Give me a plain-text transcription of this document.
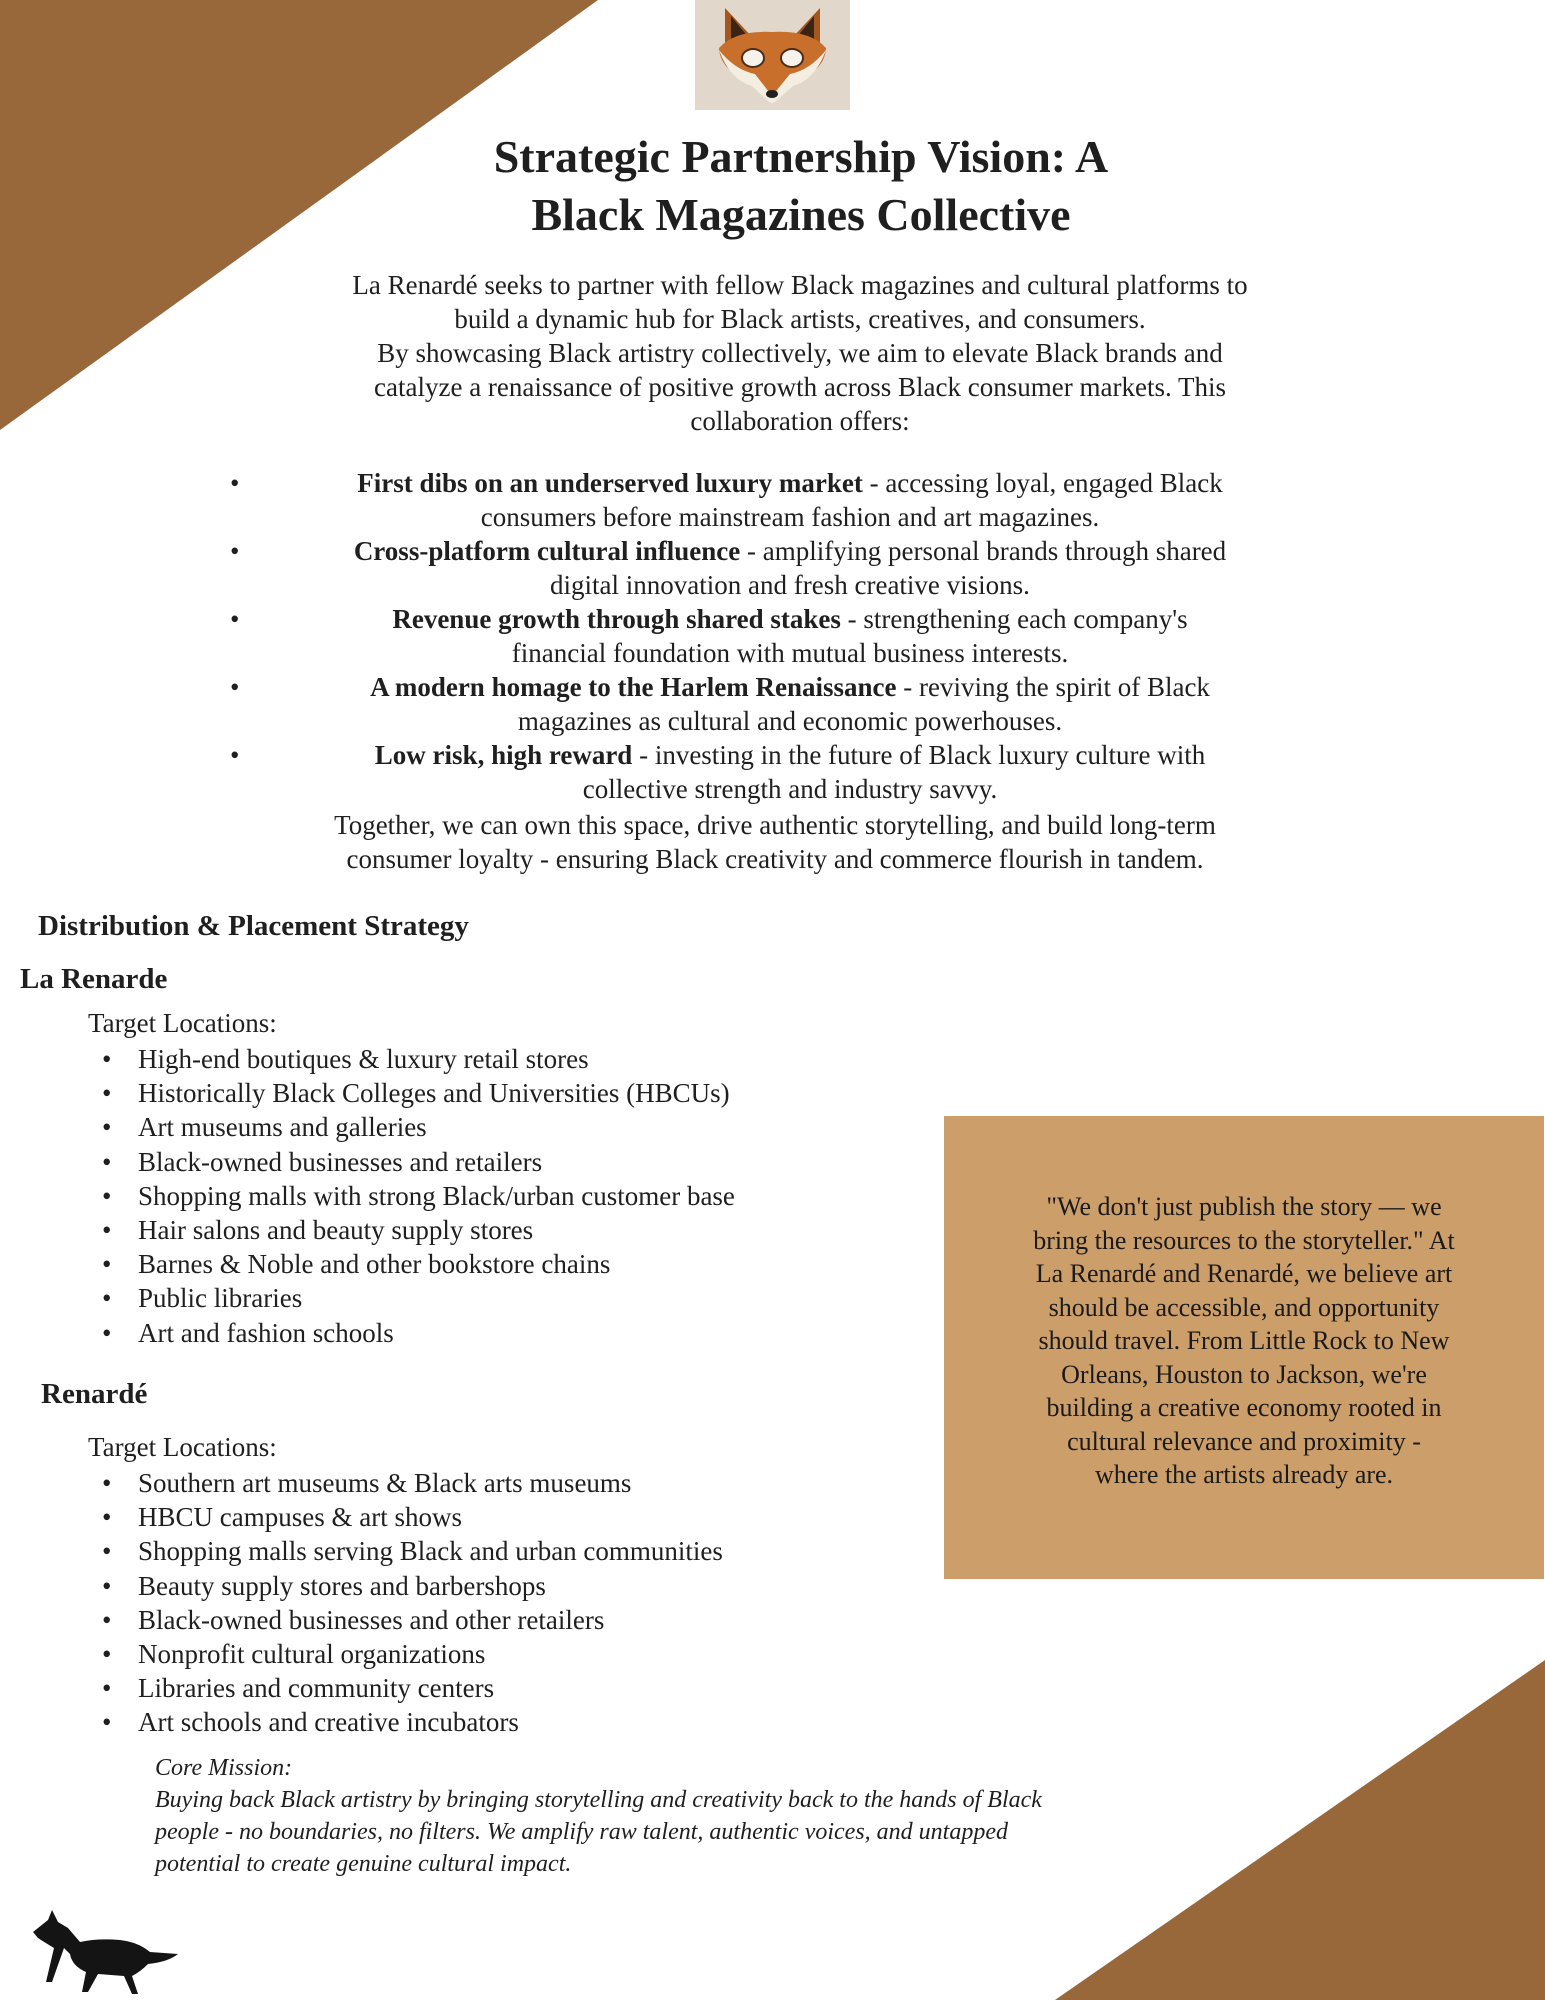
Strategic Partnership Vision: A
Black Magazines Collective

La Renardé seeks to partner with fellow Black magazines and cultural platforms to
build a dynamic hub for Black artists, creatives, and consumers.
By showcasing Black artistry collectively, we aim to elevate Black brands and
catalyze a renaissance of positive growth across Black consumer markets. This
collaboration offers:

•	First dibs on an underserved luxury market - accessing loyal, engaged Black
consumers before mainstream fashion and art magazines.
•	Cross-platform cultural influence - amplifying personal brands through shared
digital innovation and fresh creative visions.
•	Revenue growth through shared stakes - strengthening each company's
financial foundation with mutual business interests.
•	A modern homage to the Harlem Renaissance - reviving the spirit of Black
magazines as cultural and economic powerhouses.
•	Low risk, high reward - investing in the future of Black luxury culture with
collective strength and industry savvy.

Together, we can own this space, drive authentic storytelling, and build long-term
consumer loyalty - ensuring Black creativity and commerce flourish in tandem.

Distribution & Placement Strategy
La Renarde

Target Locations:

• High-end boutiques & luxury retail stores
• Historically Black Colleges and Universities (HBCUs)
• Art museums and galleries
• Black-owned businesses and retailers
• Shopping malls with strong Black/urban customer base
• Hair salons and beauty supply stores
• Barnes & Noble and other bookstore chains
• Public libraries
• Art and fashion schools
Renardé

Target Locations:

• Southern art museums & Black arts museums
• HBCU campuses & art shows
• Shopping malls serving Black and urban communities
• Beauty supply stores and barbershops
• Black-owned businesses and other retailers
• Nonprofit cultural organizations
• Libraries and community centers
• Art schools and creative incubators

"We don't just publish the story — we
bring the resources to the storyteller." At
La Renardé and Renardé, we believe art
should be accessible, and opportunity
should travel. From Little Rock to New
Orleans, Houston to Jackson, we're
building a creative economy rooted in
cultural relevance and proximity -
where the artists already are.

Core Mission:

Buying back Black artistry by bringing storytelling and creativity back to the hands of Black
people - no boundaries, no filters. We amplify raw talent, authentic voices, and untapped
potential to create genuine cultural impact.
